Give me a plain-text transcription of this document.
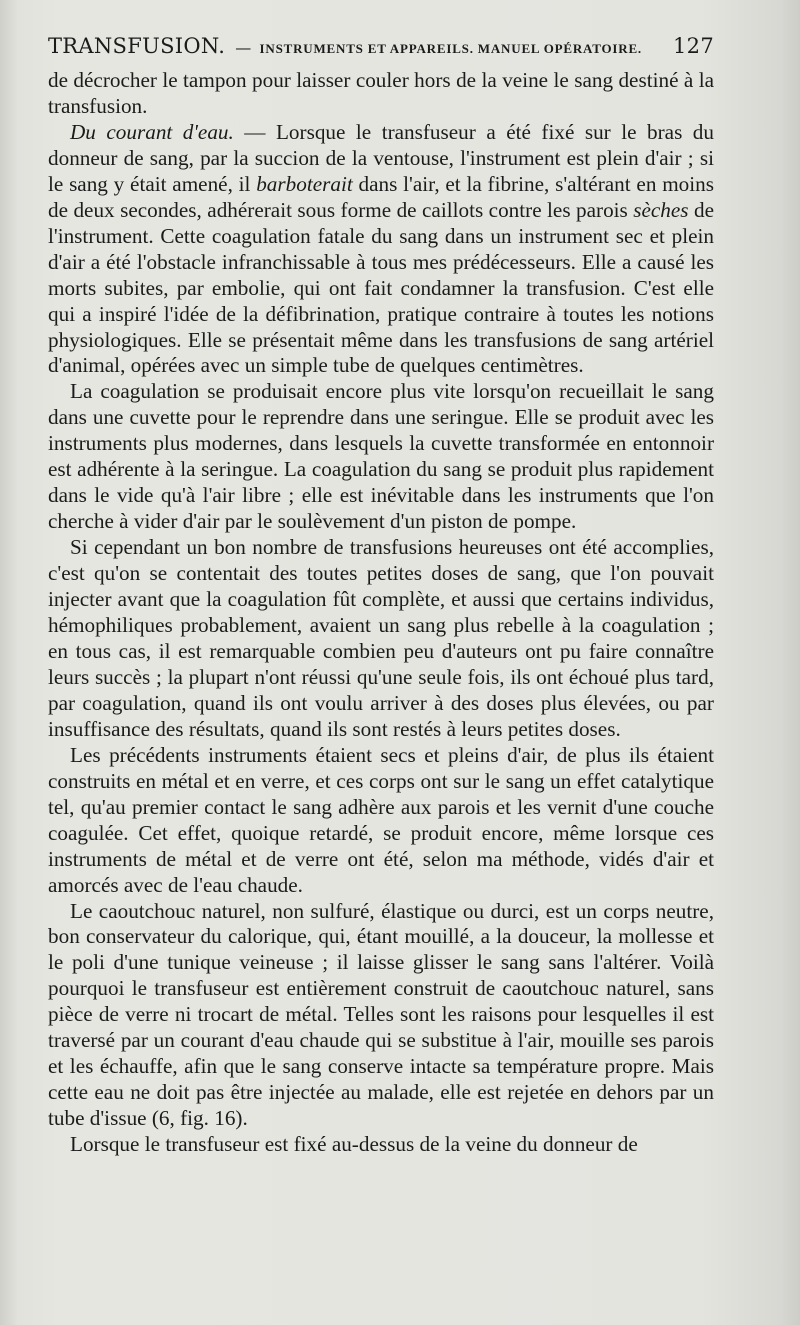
TRANSFUSION. — INSTRUMENTS ET APPAREILS. MANUEL OPÉRATOIRE. 127

de décrocher le tampon pour laisser couler hors de la veine le sang destiné à la transfusion.

Du courant d'eau. — Lorsque le transfuseur a été fixé sur le bras du donneur de sang, par la succion de la ventouse, l'instrument est plein d'air ; si le sang y était amené, il barboterait dans l'air, et la fibrine, s'altérant en moins de deux secondes, adhérerait sous forme de caillots contre les parois sèches de l'instrument. Cette coagulation fatale du sang dans un instrument sec et plein d'air a été l'obstacle infranchissable à tous mes prédécesseurs. Elle a causé les morts subites, par embolie, qui ont fait condamner la transfusion. C'est elle qui a inspiré l'idée de la défibrination, pratique contraire à toutes les notions physiologiques. Elle se présentait même dans les transfusions de sang artériel d'animal, opérées avec un simple tube de quelques centimètres.

La coagulation se produisait encore plus vite lorsqu'on recueillait le sang dans une cuvette pour le reprendre dans une seringue. Elle se produit avec les instruments plus modernes, dans lesquels la cuvette transformée en entonnoir est adhérente à la seringue. La coagulation du sang se produit plus rapidement dans le vide qu'à l'air libre ; elle est inévitable dans les instruments que l'on cherche à vider d'air par le soulèvement d'un piston de pompe.

Si cependant un bon nombre de transfusions heureuses ont été accomplies, c'est qu'on se contentait des toutes petites doses de sang, que l'on pouvait injecter avant que la coagulation fût complète, et aussi que certains individus, hémophiliques probablement, avaient un sang plus rebelle à la coagulation ; en tous cas, il est remarquable combien peu d'auteurs ont pu faire connaître leurs succès ; la plupart n'ont réussi qu'une seule fois, ils ont échoué plus tard, par coagulation, quand ils ont voulu arriver à des doses plus élevées, ou par insuffisance des résultats, quand ils sont restés à leurs petites doses.

Les précédents instruments étaient secs et pleins d'air, de plus ils étaient construits en métal et en verre, et ces corps ont sur le sang un effet catalytique tel, qu'au premier contact le sang adhère aux parois et les vernit d'une couche coagulée. Cet effet, quoique retardé, se produit encore, même lorsque ces instruments de métal et de verre ont été, selon ma méthode, vidés d'air et amorcés avec de l'eau chaude.

Le caoutchouc naturel, non sulfuré, élastique ou durci, est un corps neutre, bon conservateur du calorique, qui, étant mouillé, a la douceur, la mollesse et le poli d'une tunique veineuse ; il laisse glisser le sang sans l'altérer. Voilà pourquoi le transfuseur est entièrement construit de caoutchouc naturel, sans pièce de verre ni trocart de métal. Telles sont les raisons pour lesquelles il est traversé par un courant d'eau chaude qui se substitue à l'air, mouille ses parois et les échauffe, afin que le sang conserve intacte sa température propre. Mais cette eau ne doit pas être injectée au malade, elle est rejetée en dehors par un tube d'issue (6, fig. 16).

Lorsque le transfuseur est fixé au-dessus de la veine du donneur de
